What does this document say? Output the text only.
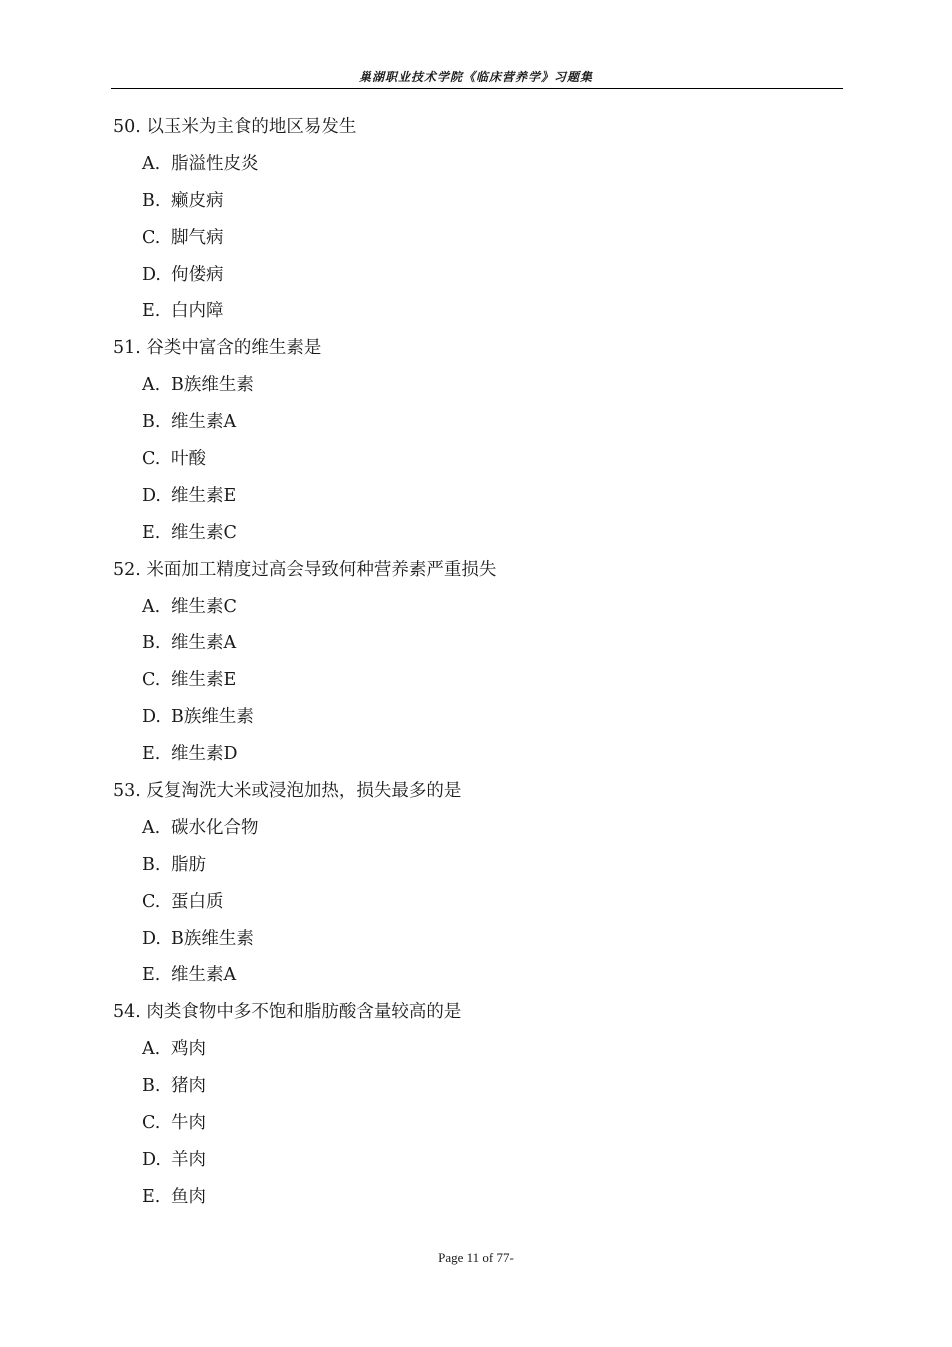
巢湖职业技术学院《临床营养学》习题集
50. 以玉米为主食的地区易发生
A. 脂溢性皮炎
B. 癞皮病
C. 脚气病
D. 佝偻病
E. 白内障
51. 谷类中富含的维生素是
A. B族维生素
B. 维生素A
C. 叶酸
D. 维生素E
E. 维生素C
52. 米面加工精度过高会导致何种营养素严重损失
A. 维生素C
B. 维生素A
C. 维生素E
D. B族维生素
E. 维生素D
53. 反复淘洗大米或浸泡加热，损失最多的是
A. 碳水化合物
B. 脂肪
C. 蛋白质
D. B族维生素
E. 维生素A
54. 肉类食物中多不饱和脂肪酸含量较高的是
A. 鸡肉
B. 猪肉
C. 牛肉
D. 羊肉
E. 鱼肉
Page 11 of 77-
